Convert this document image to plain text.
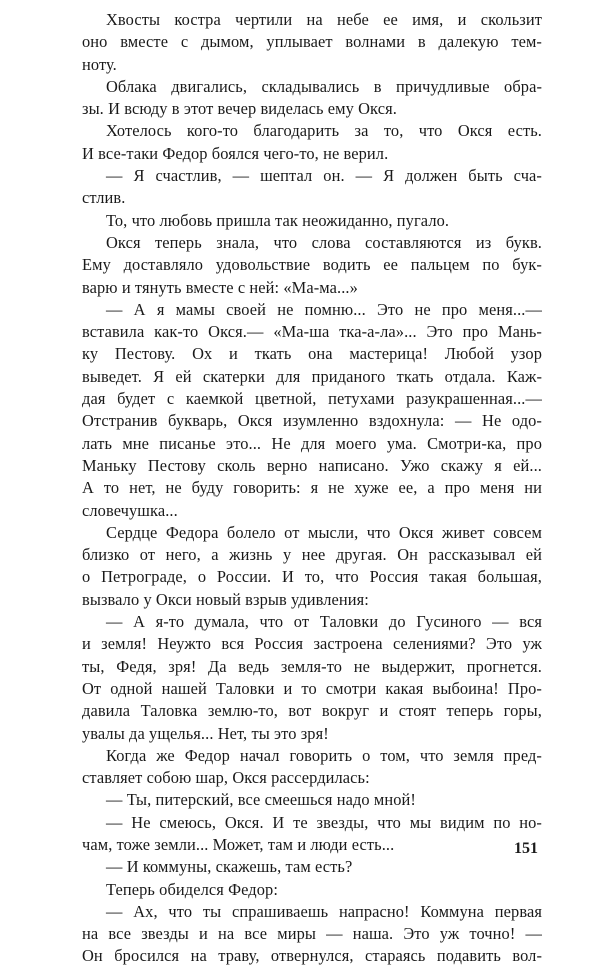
Хвосты костра чертили на небе ее имя, и скользит
оно вместе с дымом, уплывает волнами в далекую тем-
ноту.
Облака двигались, складывались в причудливые обра-
зы. И всюду в этот вечер виделась ему Окся.
Хотелось кого-то благодарить за то, что Окся есть.
И все-таки Федор боялся чего-то, не верил.
— Я счастлив, — шептал он. — Я должен быть сча-
стлив.
То, что любовь пришла так неожиданно, пугало.
Окся теперь знала, что слова составляются из букв.
Ему доставляло удовольствие водить ее пальцем по бук-
варю и тянуть вместе с ней: «Ма-ма...»
— А я мамы своей не помню... Это не про меня...—
вставила как-то Окся.— «Ма-ша тка-а-ла»... Это про Мань-
ку Пестову. Ох и ткать она мастерица! Любой узор
выведет. Я ей скатерки для приданого ткать отдала. Каж-
дая будет с каемкой цветной, петухами разукрашенная...—
Отстранив букварь, Окся изумленно вздохнула: — Не одо-
лать мне писанье это... Не для моего ума. Смотри-ка, про
Маньку Пестову сколь верно написано. Ужо скажу я ей...
А то нет, не буду говорить: я не хуже ее, а про меня ни
словечушка...
Сердце Федора болело от мысли, что Окся живет совсем
близко от него, а жизнь у нее другая. Он рассказывал ей
о Петрограде, о России. И то, что Россия такая большая,
вызвало у Окси новый взрыв удивления:
— А я-то думала, что от Таловки до Гусиного — вся
и земля! Неужто вся Россия застроена селениями? Это уж
ты, Федя, зря! Да ведь земля-то не выдержит, прогнется.
От одной нашей Таловки и то смотри какая выбоина! Про-
давила Таловка землю-то, вот вокруг и стоят теперь горы,
увалы да ущелья... Нет, ты это зря!
Когда же Федор начал говорить о том, что земля пред-
ставляет собою шар, Окся рассердилась:
— Ты, питерский, все смеешься надо мной!
— Не смеюсь, Окся. И те звезды, что мы видим по но-
чам, тоже земли... Может, там и люди есть...
— И коммуны, скажешь, там есть?
Теперь обиделся Федор:
— Ах, что ты спрашиваешь напрасно! Коммуна первая
на все звезды и на все миры — наша. Это уж точно! —
Он бросился на траву, отвернулся, стараясь подавить вол-
151
